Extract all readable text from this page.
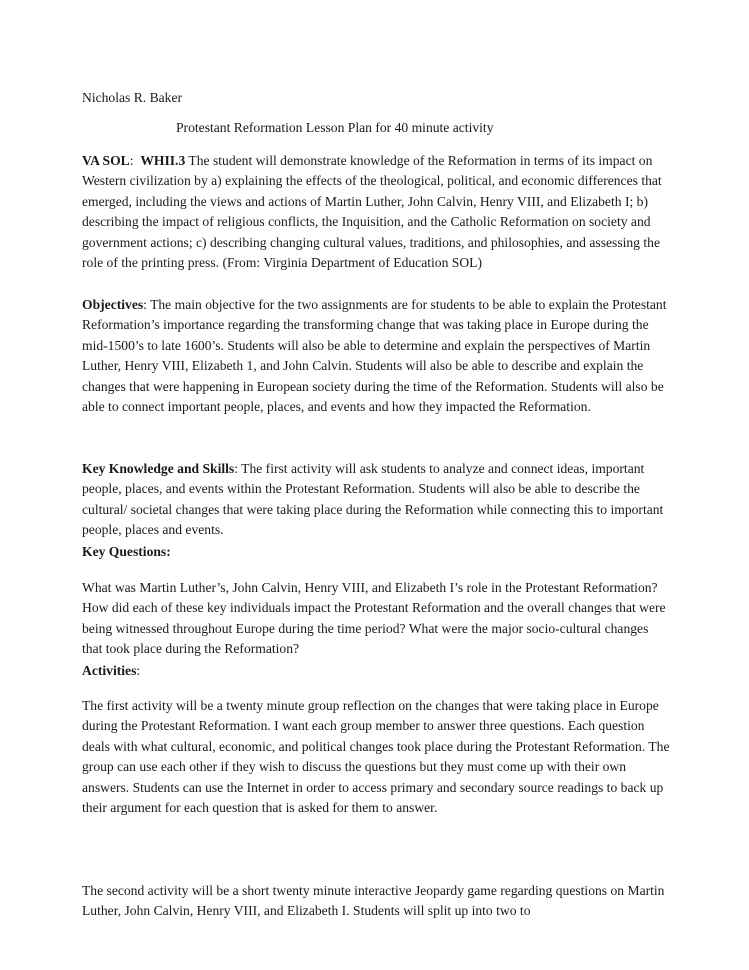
Nicholas R. Baker

Protestant Reformation Lesson Plan for 40 minute activity

VA SOL:  WHII.3 The student will demonstrate knowledge of the Reformation in terms of its impact on Western civilization by a) explaining the effects of the theological, political, and economic differences that emerged, including the views and actions of Martin Luther, John Calvin, Henry VIII, and Elizabeth I; b) describing the impact of religious conflicts, the Inquisition, and the Catholic Reformation on society and government actions; c) describing changing cultural values, traditions, and philosophies, and assessing the role of the printing press. (From: Virginia Department of Education SOL)

Objectives: The main objective for the two assignments are for students to be able to explain the Protestant Reformation’s importance regarding the transforming change that was taking place in Europe during the mid-1500’s to late 1600’s. Students will also be able to determine and explain the perspectives of Martin Luther, Henry VIII, Elizabeth 1, and John Calvin. Students will also be able to describe and explain the changes that were happening in European society during the time of the Reformation. Students will also be able to connect important people, places, and events and how they impacted the Reformation.

Key Knowledge and Skills: The first activity will ask students to analyze and connect ideas, important people, places, and events within the Protestant Reformation. Students will also be able to describe the cultural/ societal changes that were taking place during the Reformation while connecting this to important people, places and events.

Key Questions:

What was Martin Luther’s, John Calvin, Henry VIII, and Elizabeth I’s role in the Protestant Reformation? How did each of these key individuals impact the Protestant Reformation and the overall changes that were being witnessed throughout Europe during the time period? What were the major socio-cultural changes that took place during the Reformation?

Activities:

The first activity will be a twenty minute group reflection on the changes that were taking place in Europe during the Protestant Reformation. I want each group member to answer three questions. Each question deals with what cultural, economic, and political changes took place during the Protestant Reformation. The group can use each other if they wish to discuss the questions but they must come up with their own answers. Students can use the Internet in order to access primary and secondary source readings to back up their argument for each question that is asked for them to answer.

The second activity will be a short twenty minute interactive Jeopardy game regarding questions on Martin Luther, John Calvin, Henry VIII, and Elizabeth I. Students will split up into two to
